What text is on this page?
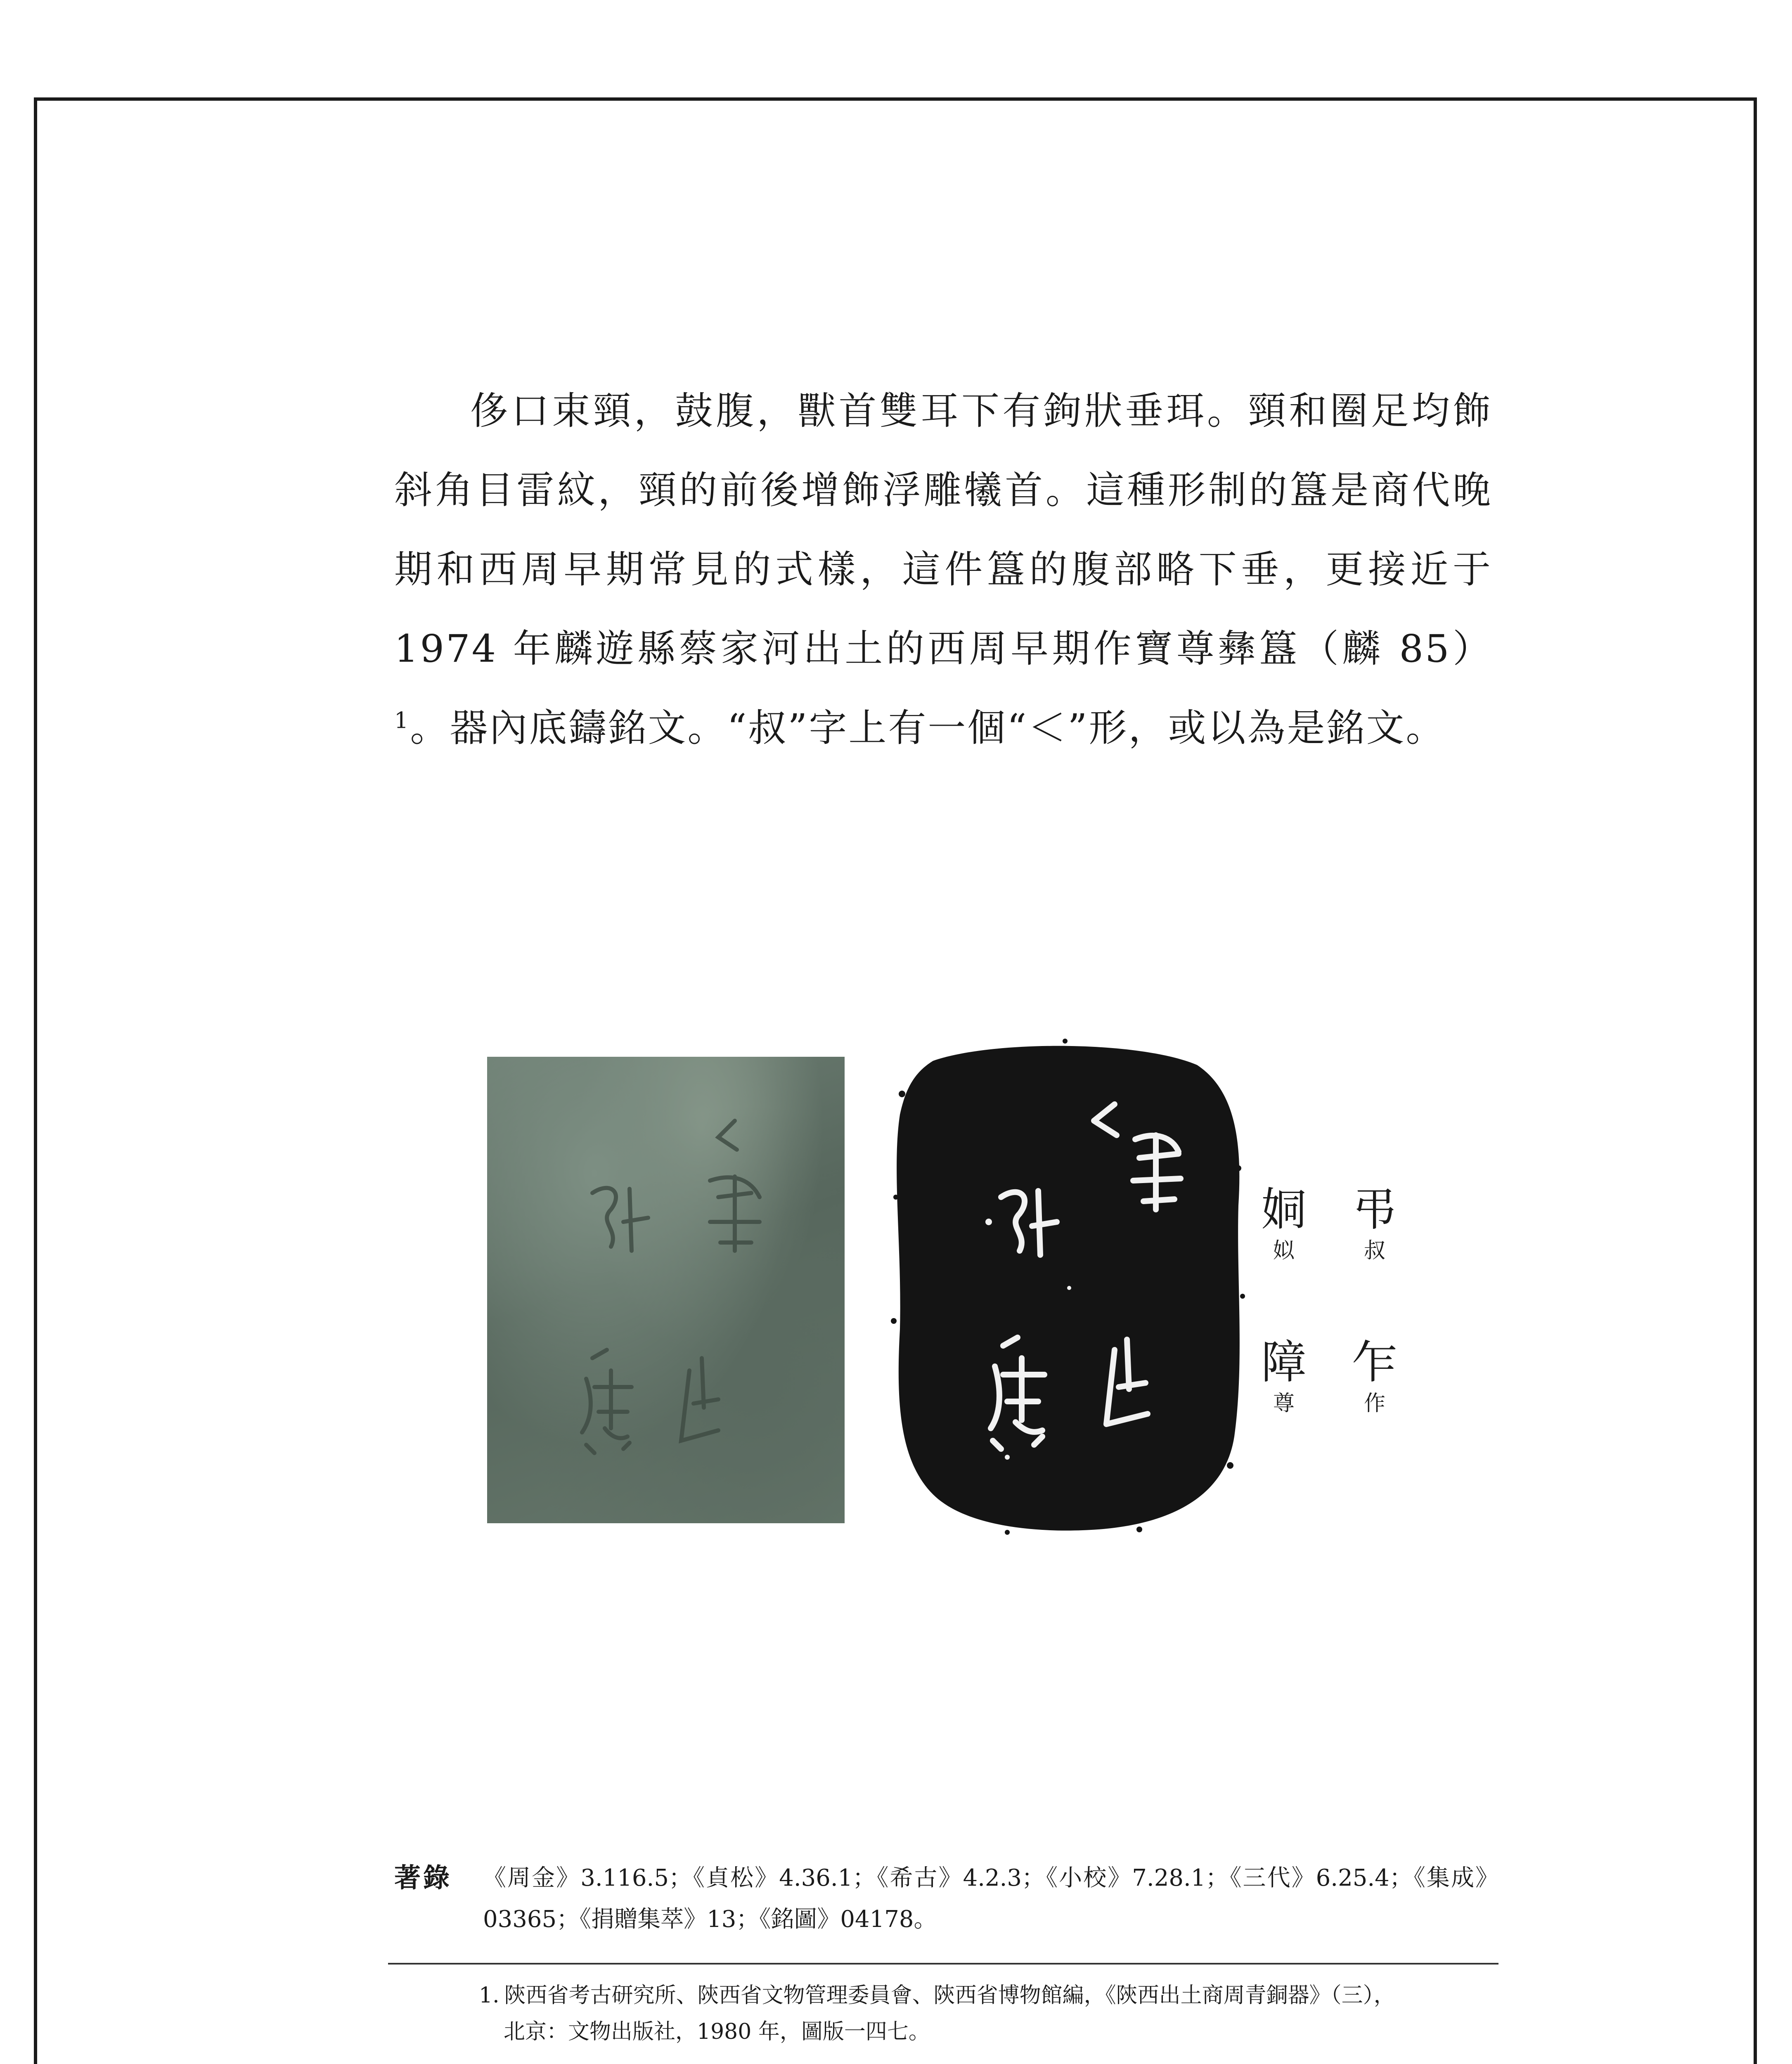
侈口束頸，鼓腹，獸首雙耳下有鉤狀垂珥。頸和圈足均飾斜角目雷紋，頸的前後增飾浮雕犧首。這種形制的簋是商代晚期和西周早期常見的式樣，這件簋的腹部略下垂，更接近于 1974 年麟遊縣蔡家河出土的西周早期作寶尊彝簋（麟 85）$^1$。器內底鑄銘文。“叔”字上有一個“＜”形，或以為是銘文。

弔
叔
姛
姒
乍
作
障
尊
著錄 《周金》3.116.5；《貞松》4.36.1；《希古》4.2.3；《小校》7.28.1；《三代》6.25.4；《集成》03365；《捐贈集萃》13；《銘圖》04178。
1. 陝西省考古研究所、陝西省文物管理委員會、陝西省博物館編，《陝西出土商周青銅器》（三），
北京：文物出版社，1980 年，圖版一四七。
